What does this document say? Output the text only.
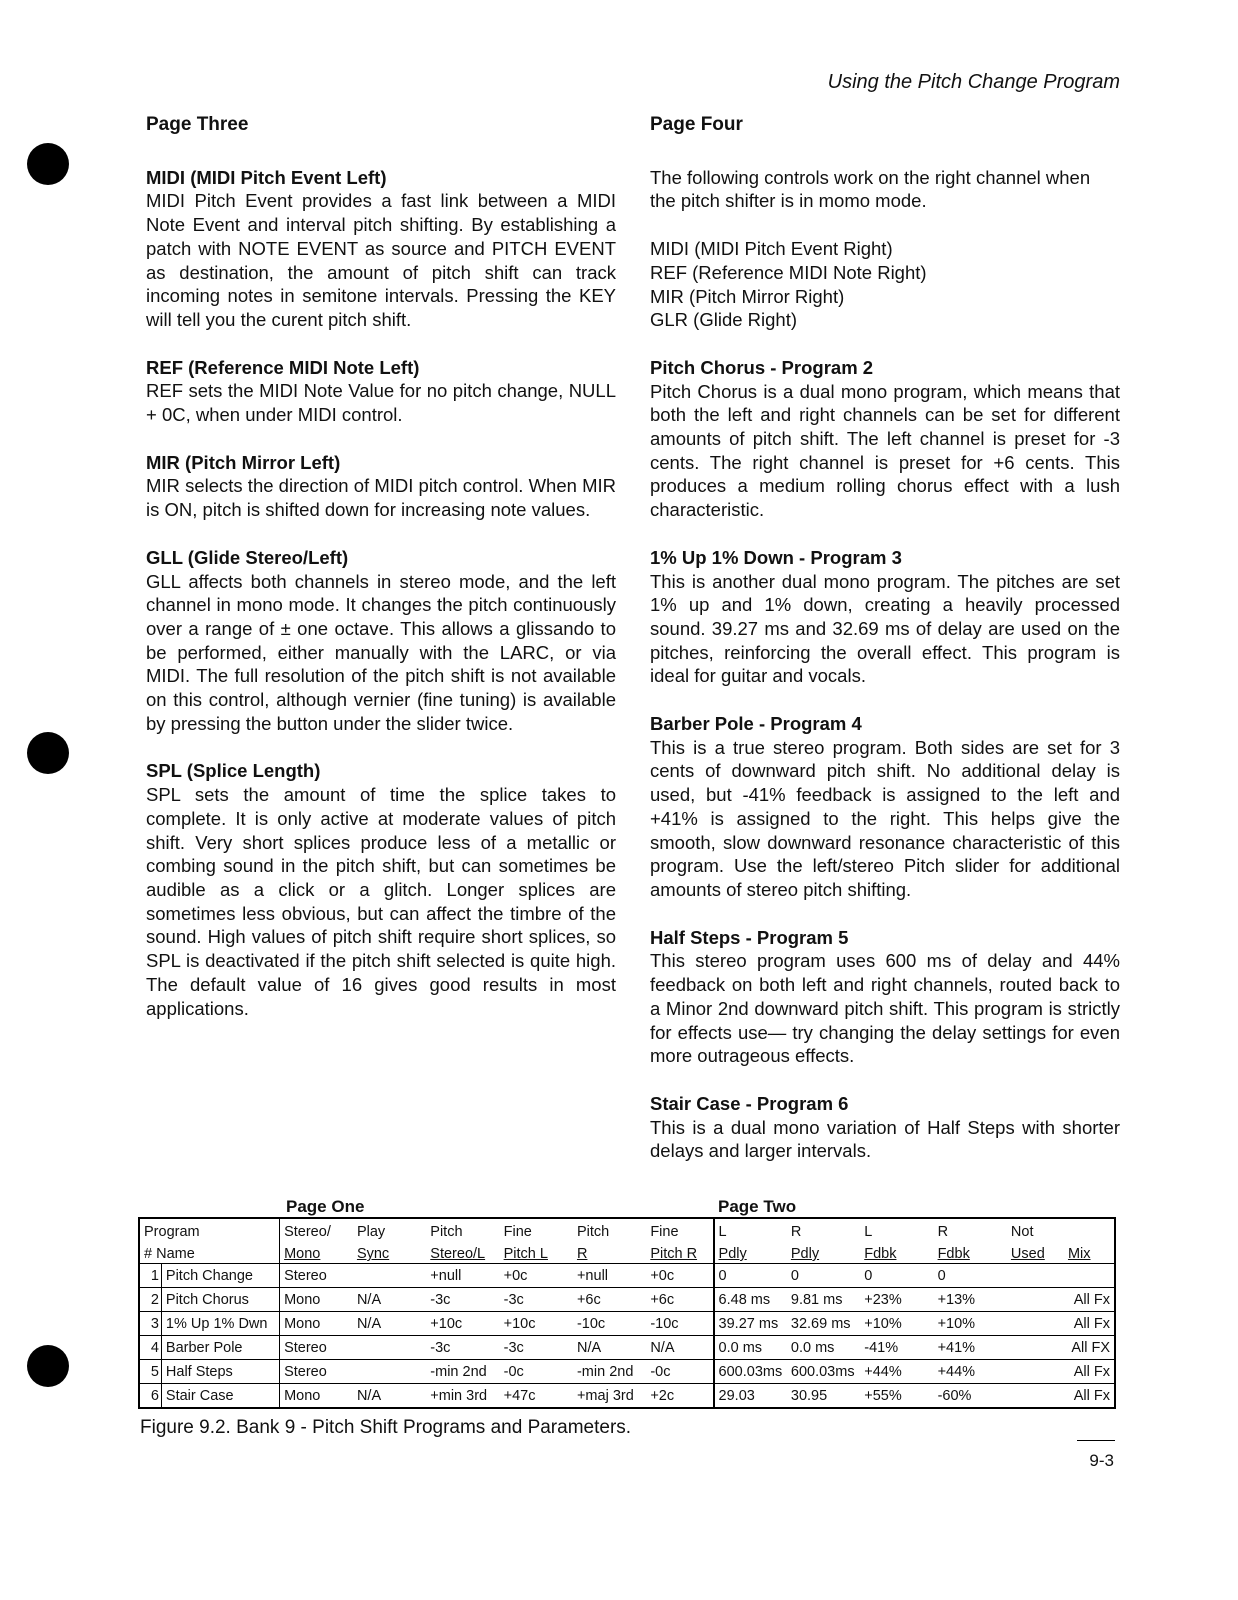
Using the Pitch Change Program
Page Three
MIDI (MIDI Pitch Event Left)

MIDI Pitch Event provides a fast link between a MIDI Note Event and interval pitch shifting. By establishing a patch with NOTE EVENT as source and PITCH EVENT as destination, the amount of pitch shift can track incoming notes in semitone intervals. Pressing the KEY will tell you the curent pitch shift.

REF (Reference MIDI Note Left)

REF sets the MIDI Note Value for no pitch change, NULL + 0C, when under MIDI control.

MIR (Pitch Mirror Left)

MIR selects the direction of MIDI pitch control. When MIR is ON, pitch is shifted down for increasing note values.

GLL (Glide Stereo/Left)

GLL affects both channels in stereo mode, and the left channel in mono mode. It changes the pitch continuously over a range of ± one octave. This allows a glissando to be performed, either manually with the LARC, or via MIDI. The full resolution of the pitch shift is not available on this control, although vernier (fine tuning) is available by pressing the button under the slider twice.

SPL (Splice Length)

SPL sets the amount of time the splice takes to complete. It is only active at moderate values of pitch shift. Very short splices produce less of a metallic or combing sound in the pitch shift, but can sometimes be audible as a click or a glitch. Longer splices are sometimes less obvious, but can affect the timbre of the sound. High values of pitch shift require short splices, so SPL is deactivated if the pitch shift selected is quite high. The default value of 16 gives good results in most applications.

Page Four

The following controls work on the right channel when the pitch shifter is in momo mode.

MIDI (MIDI Pitch Event Right)
REF (Reference MIDI Note Right)
MIR (Pitch Mirror Right)
GLR (Glide Right)
Pitch Chorus - Program 2

Pitch Chorus is a dual mono program, which means that both the left and right channels can be set for different amounts of pitch shift. The left channel is preset for -3 cents. The right channel is preset for +6 cents. This produces a medium rolling chorus effect with a lush characteristic.

1% Up 1% Down - Program 3

This is another dual mono program. The pitches are set 1% up and 1% down, creating a heavily processed sound. 39.27 ms and 32.69 ms of delay are used on the pitches, reinforcing the overall effect. This program is ideal for guitar and vocals.

Barber Pole - Program 4

This is a true stereo program. Both sides are set for 3 cents of downward pitch shift. No additional delay is used, but -41% feedback is assigned to the left and +41% is assigned to the right. This helps give the smooth, slow downward resonance characteristic of this program. Use the left/stereo Pitch slider for additional amounts of stereo pitch shifting.

Half Steps - Program 5

This stereo program uses 600 ms of delay and 44% feedback on both left and right channels, routed back to a Minor 2nd downward pitch shift. This program is strictly for effects use— try changing the delay settings for even more outrageous effects.

Stair Case - Program 6

This is a dual mono variation of Half Steps with shorter delays and larger intervals.

Page One	Page Two
Program		Stereo/	Play	Pitch	Fine	Pitch	Fine	L	R	L	R	Not	
# Name		Mono	Sync	Stereo/L	Pitch L	R	Pitch R	Pdly	Pdly	Fdbk	Fdbk	Used	Mix
1	Pitch Change	Stereo		+null	+0c	+null	+0c	0	0	0	0		
2	Pitch Chorus	Mono	N/A	-3c	-3c	+6c	+6c	6.48 ms	9.81 ms	+23%	+13%		All Fx
3	1% Up 1% Dwn	Mono	N/A	+10c	+10c	-10c	-10c	39.27 ms	32.69 ms	+10%	+10%		All Fx
4	Barber Pole	Stereo		-3c	-3c	N/A	N/A	0.0 ms	0.0 ms	-41%	+41%		All FX
5	Half Steps	Stereo		-min 2nd	-0c	-min 2nd	-0c	600.03ms	600.03ms	+44%	+44%		All Fx
6	Stair Case	Mono	N/A	+min 3rd	+47c	+maj 3rd	+2c	29.03	30.95	+55%	-60%		All Fx
Figure 9.2. Bank 9 - Pitch Shift Programs and Parameters.
9-3
